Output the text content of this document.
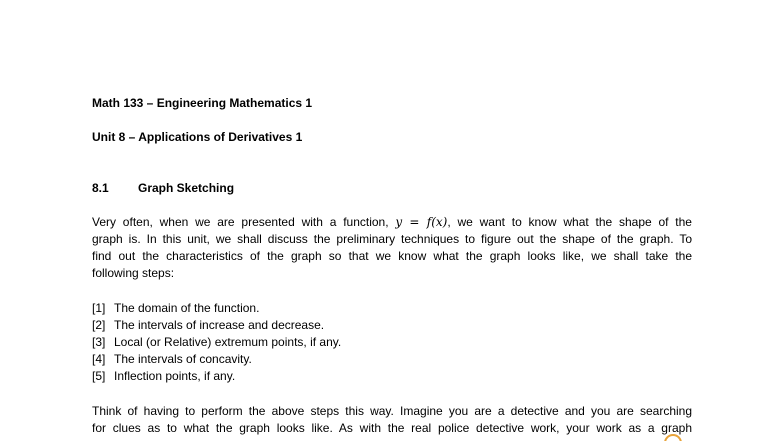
Math 133 – Engineering Mathematics 1
Unit 8 – Applications of Derivatives 1
8.1 Graph Sketching
Very often, when we are presented with a function, y = f(x), we want to know what the shape of the
graph is. In this unit, we shall discuss the preliminary techniques to figure out the shape of the graph. To
find out the characteristics of the graph so that we know what the graph looks like, we shall take the
following steps:
[1] The domain of the function.
[2] The intervals of increase and decrease.
[3] Local (or Relative) extremum points, if any.
[4] The intervals of concavity.
[5] Inflection points, if any.
Think of having to perform the above steps this way. Imagine you are a detective and you are searching
for clues as to what the graph looks like. As with the real police detective work, your work as a graph
